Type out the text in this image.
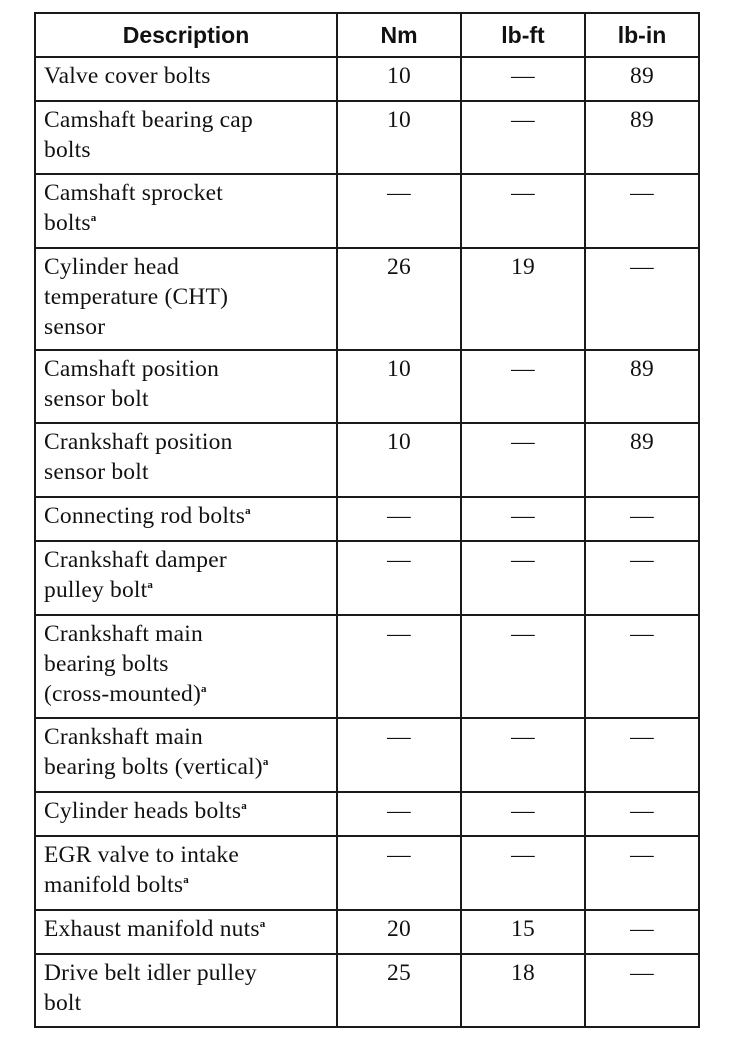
Description	Nm	lb-ft	lb-in

Valve cover bolts	10	—	89

Camshaft bearing cap
bolts	10	—	89

Camshaft sprocket
bolts$^a$	—	—	—

Cylinder head
temperature (CHT)
sensor	26	19	—

Camshaft position
sensor bolt	10	—	89

Crankshaft position
sensor bolt	10	—	89

Connecting rod bolts$^a$	—	—	—

Crankshaft damper
pulley bolt$^a$	—	—	—

Crankshaft main
bearing bolts
(cross-mounted)$^a$	—	—	—

Crankshaft main
bearing bolts (vertical)$^a$	—	—	—

Cylinder heads bolts$^a$	—	—	—

EGR valve to intake
manifold bolts$^a$	—	—	—

Exhaust manifold nuts$^a$	20	15	—

Drive belt idler pulley
bolt	25	18	—
